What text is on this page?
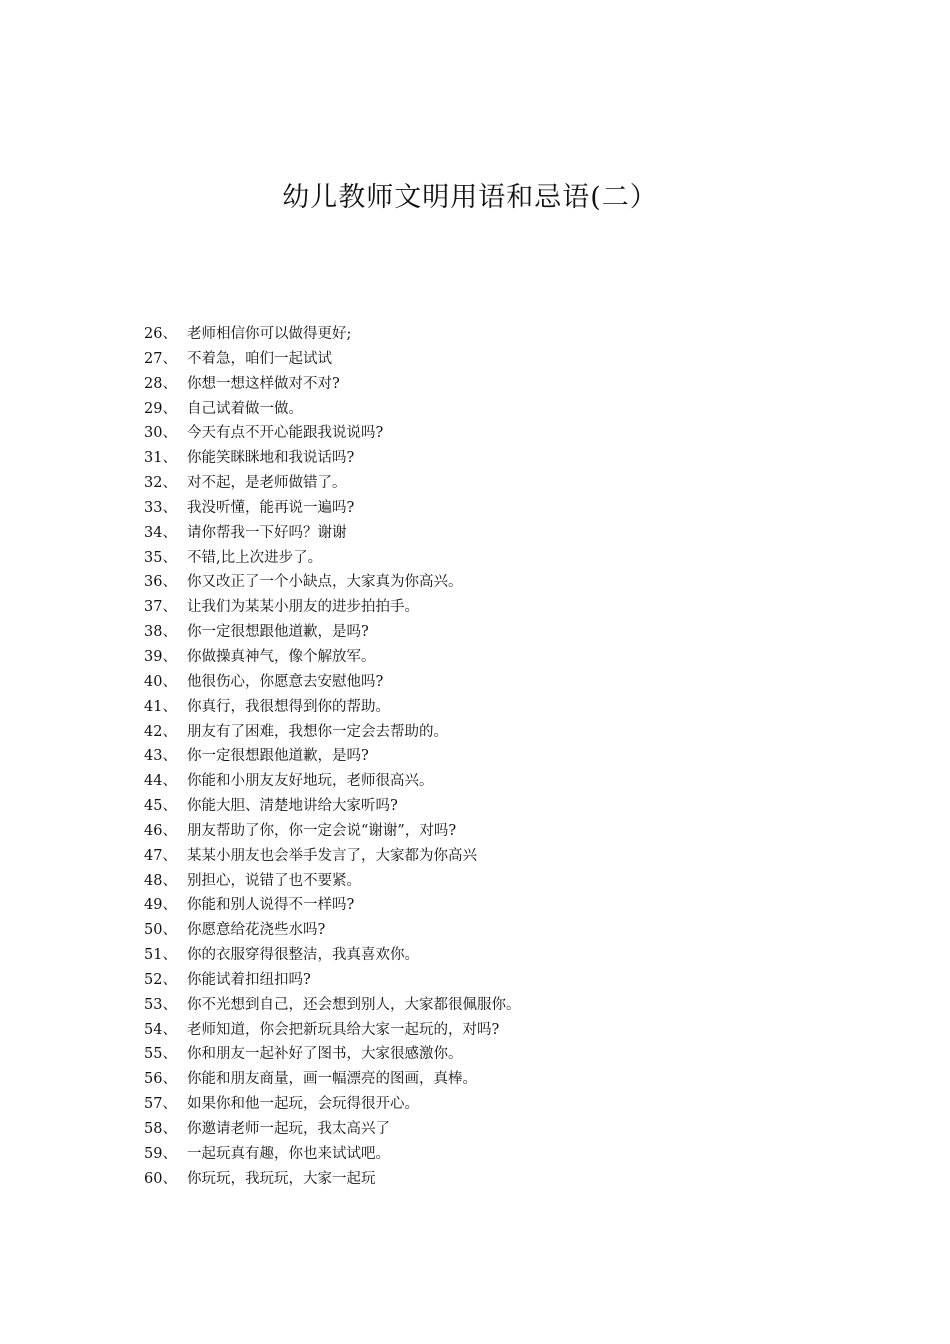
幼儿教师文明用语和忌语(二）
26、 老师相信你可以做得更好;
27、 不着急，咱们一起试试
28、 你想一想这样做对不对?
29、 自己试着做一做。
30、 今天有点不开心能跟我说说吗?
31、 你能笑眯眯地和我说话吗?
32、 对不起，是老师做错了。
33、 我没听懂，能再说一遍吗?
34、 请你帮我一下好吗？谢谢
35、 不错,比上次进步了。
36、 你又改正了一个小缺点，大家真为你高兴。
37、 让我们为某某小朋友的进步拍拍手。
38、 你一定很想跟他道歉，是吗?
39、 你做操真神气，像个解放军。
40、 他很伤心，你愿意去安慰他吗?
41、 你真行，我很想得到你的帮助。
42、 朋友有了困难，我想你一定会去帮助的。
43、 你一定很想跟他道歉，是吗?
44、 你能和小朋友友好地玩，老师很高兴。
45、 你能大胆、清楚地讲给大家听吗?
46、 朋友帮助了你，你一定会说“谢谢”，对吗?
47、 某某小朋友也会举手发言了，大家都为你高兴
48、 别担心，说错了也不要紧。
49、 你能和别人说得不一样吗?
50、 你愿意给花浇些水吗?
51、 你的衣服穿得很整洁，我真喜欢你。
52、 你能试着扣纽扣吗?
53、 你不光想到自己，还会想到别人，大家都很佩服你。
54、 老师知道，你会把新玩具给大家一起玩的，对吗?
55、 你和朋友一起补好了图书，大家很感激你。
56、 你能和朋友商量，画一幅漂亮的图画，真棒。
57、 如果你和他一起玩，会玩得很开心。
58、 你邀请老师一起玩，我太高兴了
59、 一起玩真有趣，你也来试试吧。
60、 你玩玩，我玩玩，大家一起玩
